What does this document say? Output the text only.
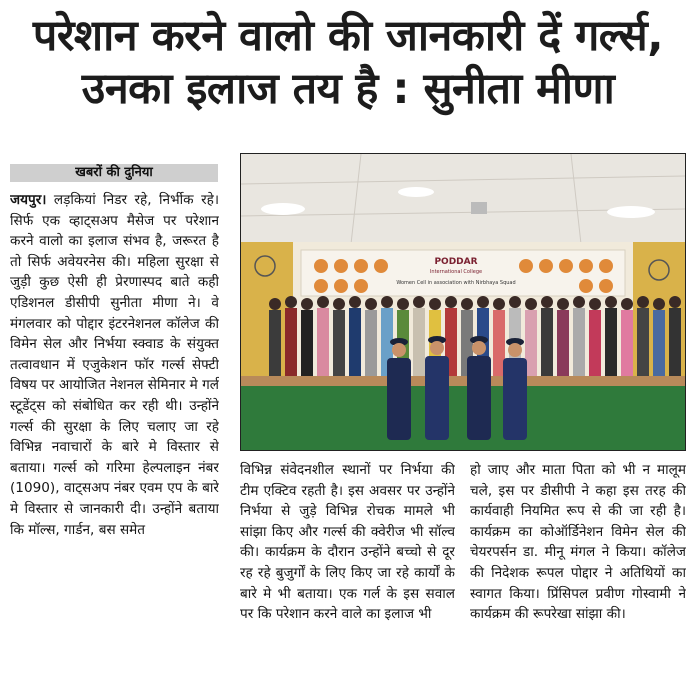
परेशान करने वालो की जानकारी दें गर्ल्स,
उनका इलाज तय है : सुनीता मीणा
खबरों की दुनिया

जयपुर। लड़कियां निडर रहे, निर्भीक रहे। सिर्फ एक व्हाट्सअप मैसेज पर परेशान करने वालो का इलाज संभव है, जरूरत है तो सिर्फ अवेयरनेस की। महिला सुरक्षा से जुड़ी कुछ ऐसी ही प्रेरणास्पद बाते कही एडिशनल डीसीपी सुनीता मीणा ने। वे मंगलवार को पोद्दार इंटरनेशनल कॉलेज की विमेन सेल और निर्भया स्क्वाड के संयुक्त तत्वावधान में एजुकेशन फॉर गर्ल्स सेफ्टी विषय पर आयोजित नेशनल सेमिनार मे गर्ल स्टूडेंट्स को संबोधित कर रही थी। उन्होंने गर्ल्स की सुरक्षा के लिए चलाए जा रहे विभिन्न नवाचारों के बारे मे विस्तार से बताया। गर्ल्स को गरिमा हेल्पलाइन नंबर (1090), वाट्सअप नंबर एवम एप के बारे मे विस्तार से जानकारी दी। उन्होंने बताया कि मॉल्स, गार्डन, बस समेत

PODDAR
International College
Women Cell in association with Nirbhaya Squad

विभिन्न संवेदनशील स्थानों पर निर्भया की टीम एक्टिव रहती है। इस अवसर पर उन्होंने निर्भया से जुड़े विभिन्न रोचक मामले भी सांझा किए और गर्ल्स की क्वेरीज भी सॉल्व की। कार्यक्रम के दौरान उन्होंने बच्चो से दूर रह रहे बुजुर्गों के लिए किए जा रहे कार्यों के बारे मे भी बताया। एक गर्ल के इस सवाल पर कि परेशान करने वाले का इलाज भी

हो जाए और माता पिता को भी न मालूम चले, इस पर डीसीपी ने कहा इस तरह की कार्यवाही नियमित रूप से की जा रही है। कार्यक्रम का कोऑर्डिनेशन विमेन सेल की चेयरपर्सन डा. मीनू मंगल ने किया। कॉलेज की निदेशक रूपल पोद्दार ने अतिथियों का स्वागत किया। प्रिंसिपल प्रवीण गोस्वामी ने कार्यक्रम की रूपरेखा सांझा की।
